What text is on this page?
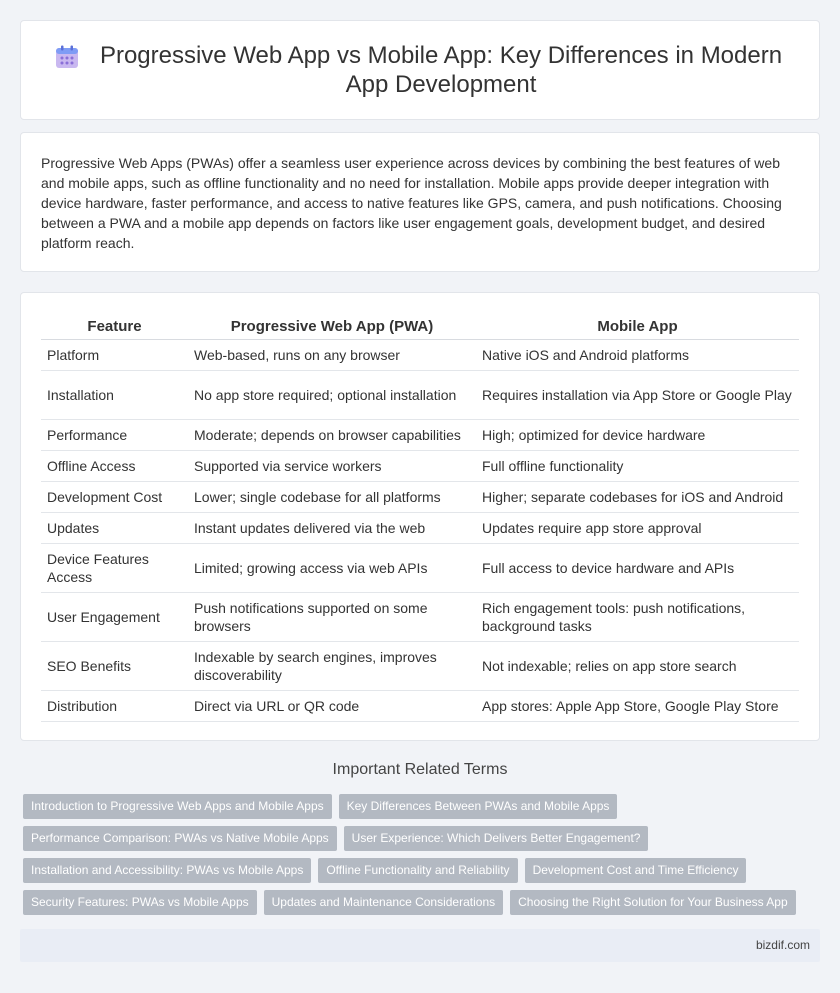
Progressive Web App vs Mobile App: Key Differences in Modern App Development

Progressive Web Apps (PWAs) offer a seamless user experience across devices by combining the best features of web and mobile apps, such as offline functionality and no need for installation. Mobile apps provide deeper integration with device hardware, faster performance, and access to native features like GPS, camera, and push notifications. Choosing between a PWA and a mobile app depends on factors like user engagement goals, development budget, and desired platform reach.

Feature	Progressive Web App (PWA)	Mobile App
Platform	Web-based, runs on any browser	Native iOS and Android platforms
Installation	No app store required; optional installation	Requires installation via App Store or Google Play
Performance	Moderate; depends on browser capabilities	High; optimized for device hardware
Offline Access	Supported via service workers	Full offline functionality
Development Cost	Lower; single codebase for all platforms	Higher; separate codebases for iOS and Android
Updates	Instant updates delivered via the web	Updates require app store approval
Device Features Access	Limited; growing access via web APIs	Full access to device hardware and APIs
User Engagement	Push notifications supported on some browsers	Rich engagement tools: push notifications, background tasks
SEO Benefits	Indexable by search engines, improves discoverability	Not indexable; relies on app store search
Distribution	Direct via URL or QR code	App stores: Apple App Store, Google Play Store
Important Related Terms
Introduction to Progressive Web Apps and Mobile Apps	Key Differences Between PWAs and Mobile Apps
Performance Comparison: PWAs vs Native Mobile Apps	User Experience: Which Delivers Better Engagement?
Installation and Accessibility: PWAs vs Mobile Apps	Offline Functionality and Reliability	Development Cost and Time Efficiency
Security Features: PWAs vs Mobile Apps	Updates and Maintenance Considerations	Choosing the Right Solution for Your Business App
bizdif.com
